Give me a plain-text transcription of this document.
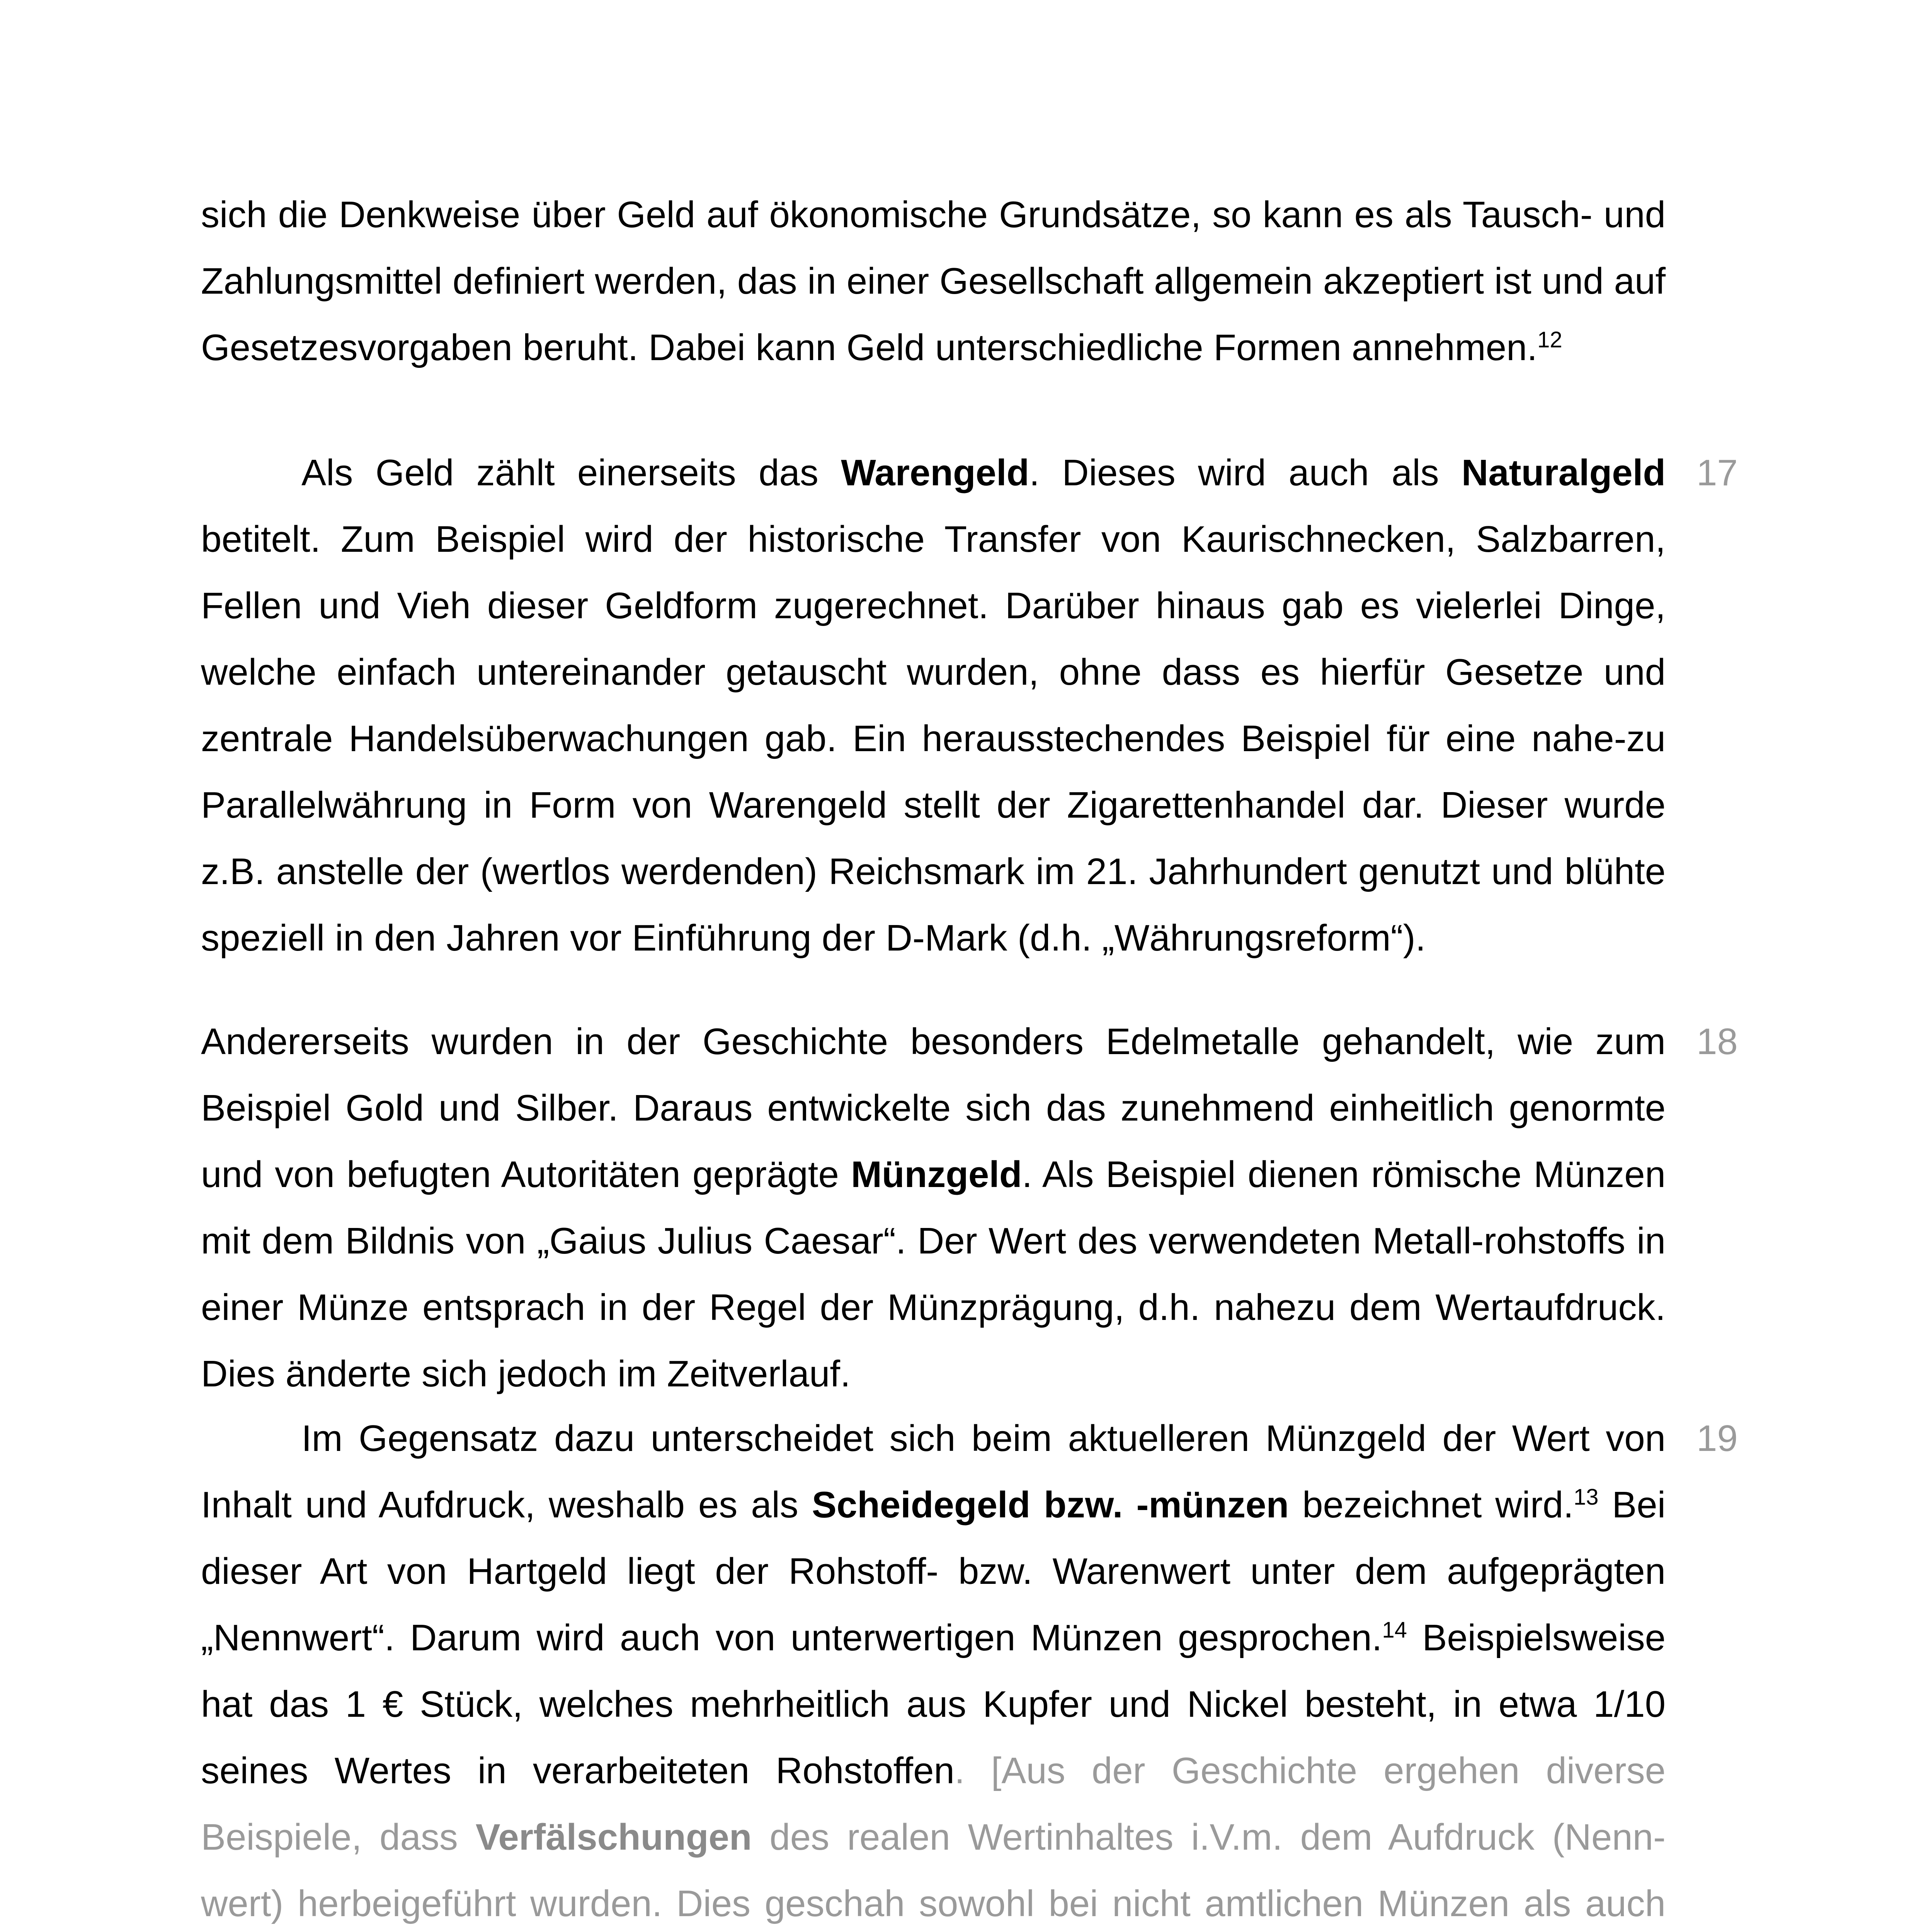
sich die Denkweise über Geld auf ökonomische Grundsätze, so kann es als Tausch- und Zahlungsmittel definiert werden, das in einer Gesellschaft allgemein akzeptiert ist und auf Gesetzesvorgaben beruht. Dabei kann Geld unterschiedliche Formen annehmen.$^{12}$

17

Als Geld zählt einerseits das Warengeld. Dieses wird auch als Naturalgeld betitelt. Zum Beispiel wird der historische Transfer von Kaurischnecken, Salzbarren, Fellen und Vieh dieser Geldform zugerechnet. Darüber hinaus gab es vielerlei Dinge, welche einfach untereinander getauscht wurden, ohne dass es hierfür Gesetze und zentrale Handelsüberwachungen gab. Ein herausstechendes Beispiel für eine nahe-zu Parallelwährung in Form von Warengeld stellt der Zigarettenhandel dar. Dieser wurde z.B. anstelle der (wertlos werdenden) Reichsmark im 21. Jahrhundert genutzt und blühte speziell in den Jahren vor Einführung der D-Mark (d.h. „Währungsreform“).

18

Andererseits wurden in der Geschichte besonders Edelmetalle gehandelt, wie zum Beispiel Gold und Silber. Daraus entwickelte sich das zunehmend einheitlich genormte und von befugten Autoritäten geprägte Münzgeld. Als Beispiel dienen römische Münzen mit dem Bildnis von „Gaius Julius Caesar“. Der Wert des verwendeten Metall-rohstoffs in einer Münze entsprach in der Regel der Münzprägung, d.h. nahezu dem Wertaufdruck. Dies änderte sich jedoch im Zeitverlauf.

19

Im Gegensatz dazu unterscheidet sich beim aktuelleren Münzgeld der Wert von Inhalt und Aufdruck, weshalb es als Scheidegeld bzw. -münzen bezeichnet wird.$^{13}$ Bei dieser Art von Hartgeld liegt der Rohstoff- bzw. Warenwert unter dem aufgeprägten „Nennwert“. Darum wird auch von unterwertigen Münzen gesprochen.$^{14}$ Beispielsweise hat das 1 € Stück, welches mehrheitlich aus Kupfer und Nickel besteht, in etwa 1/10 seines Wertes in verarbeiteten Rohstoffen. [Aus der Geschichte ergehen diverse Beispiele, dass Verfälschungen des realen Wertinhaltes i.V.m. dem Aufdruck (Nenn-wert) herbeigeführt wurden. Dies geschah sowohl bei nicht amtlichen Münzen als auch
